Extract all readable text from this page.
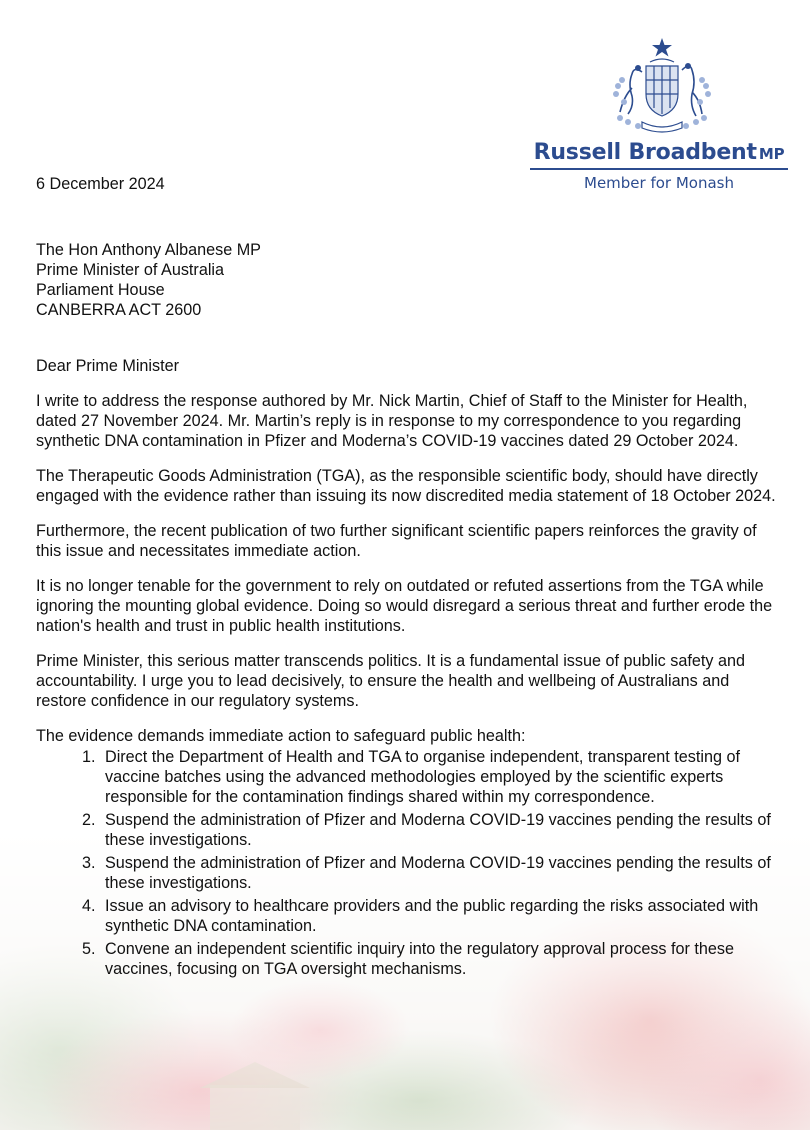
Russell Broadbent MP
Member for Monash
6 December 2024
The Hon Anthony Albanese MP
Prime Minister of Australia
Parliament House
CANBERRA ACT 2600

Dear Prime Minister

I write to address the response authored by Mr. Nick Martin, Chief of Staff to the Minister for Health, dated 27 November 2024. Mr. Martin’s reply is in response to my correspondence to you regarding synthetic DNA contamination in Pfizer and Moderna’s COVID-19 vaccines dated 29 October 2024.

The Therapeutic Goods Administration (TGA), as the responsible scientific body, should have directly engaged with the evidence rather than issuing its now discredited media statement of 18 October 2024.

Furthermore, the recent publication of two further significant scientific papers reinforces the gravity of this issue and necessitates immediate action.

It is no longer tenable for the government to rely on outdated or refuted assertions from the TGA while ignoring the mounting global evidence. Doing so would disregard a serious threat and further erode the nation's health and trust in public health institutions.

Prime Minister, this serious matter transcends politics. It is a fundamental issue of public safety and accountability. I urge you to lead decisively, to ensure the health and wellbeing of Australians and restore confidence in our regulatory systems.

The evidence demands immediate action to safeguard public health:

1. Direct the Department of Health and TGA to organise independent, transparent testing of vaccine batches using the advanced methodologies employed by the scientific experts responsible for the contamination findings shared within my correspondence.
2. Suspend the administration of Pfizer and Moderna COVID-19 vaccines pending the results of these investigations.
3. Suspend the administration of Pfizer and Moderna COVID-19 vaccines pending the results of these investigations.
4. Issue an advisory to healthcare providers and the public regarding the risks associated with synthetic DNA contamination.
5. Convene an independent scientific inquiry into the regulatory approval process for these vaccines, focusing on TGA oversight mechanisms.
